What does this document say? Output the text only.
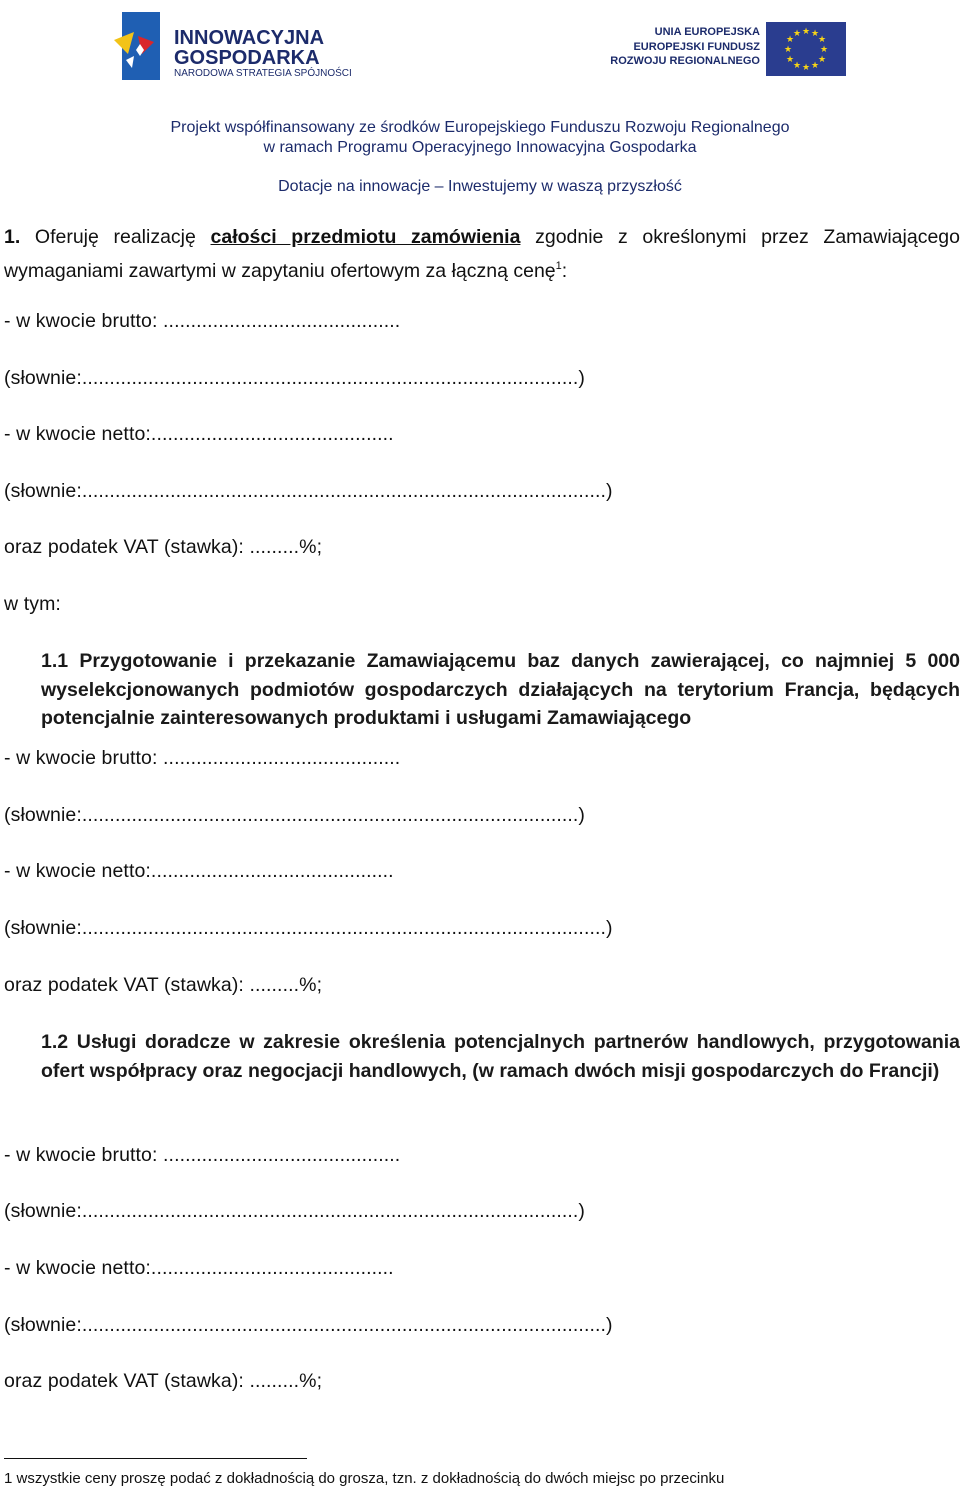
INNOWACYJNA
GOSPODARKA
NARODOWA STRATEGIA SPÓJNOŚCI
UNIA EUROPEJSKA
EUROPEJSKI FUNDUSZ
ROZWOJU REGIONALNEGO
★ ★
★
★
★
★
★
★
★
★
★
★
Projekt współfinansowany ze środków Europejskiego Funduszu Rozwoju Regionalnego
w ramach Programu Operacyjnego Innowacyjna Gospodarka
Dotacje na innowacje – Inwestujemy w waszą przyszłość
1. Oferuję realizację całości przedmiotu zamówienia zgodnie z określonymi przez Zamawiającego wymaganiami zawartymi w zapytaniu ofertowym za łączną cenę$^1$:
- w kwocie brutto: ...........................................
(słownie:..........................................................................................)
- w kwocie netto:............................................
(słownie:...............................................................................................)
oraz podatek VAT (stawka): .........%;
w tym:
1.1 Przygotowanie i przekazanie Zamawiającemu baz danych zawierającej, co najmniej 5 000 wyselekcjonowanych podmiotów gospodarczych działających na terytorium Francja, będących potencjalnie zainteresowanych produktami i usługami Zamawiającego
- w kwocie brutto: ...........................................
(słownie:..........................................................................................)
- w kwocie netto:............................................
(słownie:...............................................................................................)
oraz podatek VAT (stawka): .........%;
1.2 Usługi doradcze w zakresie określenia potencjalnych partnerów handlowych, przygotowania ofert współpracy oraz negocjacji handlowych, (w ramach dwóch misji gospodarczych do Francji)
- w kwocie brutto: ...........................................
(słownie:..........................................................................................)
- w kwocie netto:............................................
(słownie:...............................................................................................)
oraz podatek VAT (stawka): .........%;
1 wszystkie ceny proszę podać z dokładnością do grosza, tzn. z dokładnością do dwóch miejsc po przecinku
